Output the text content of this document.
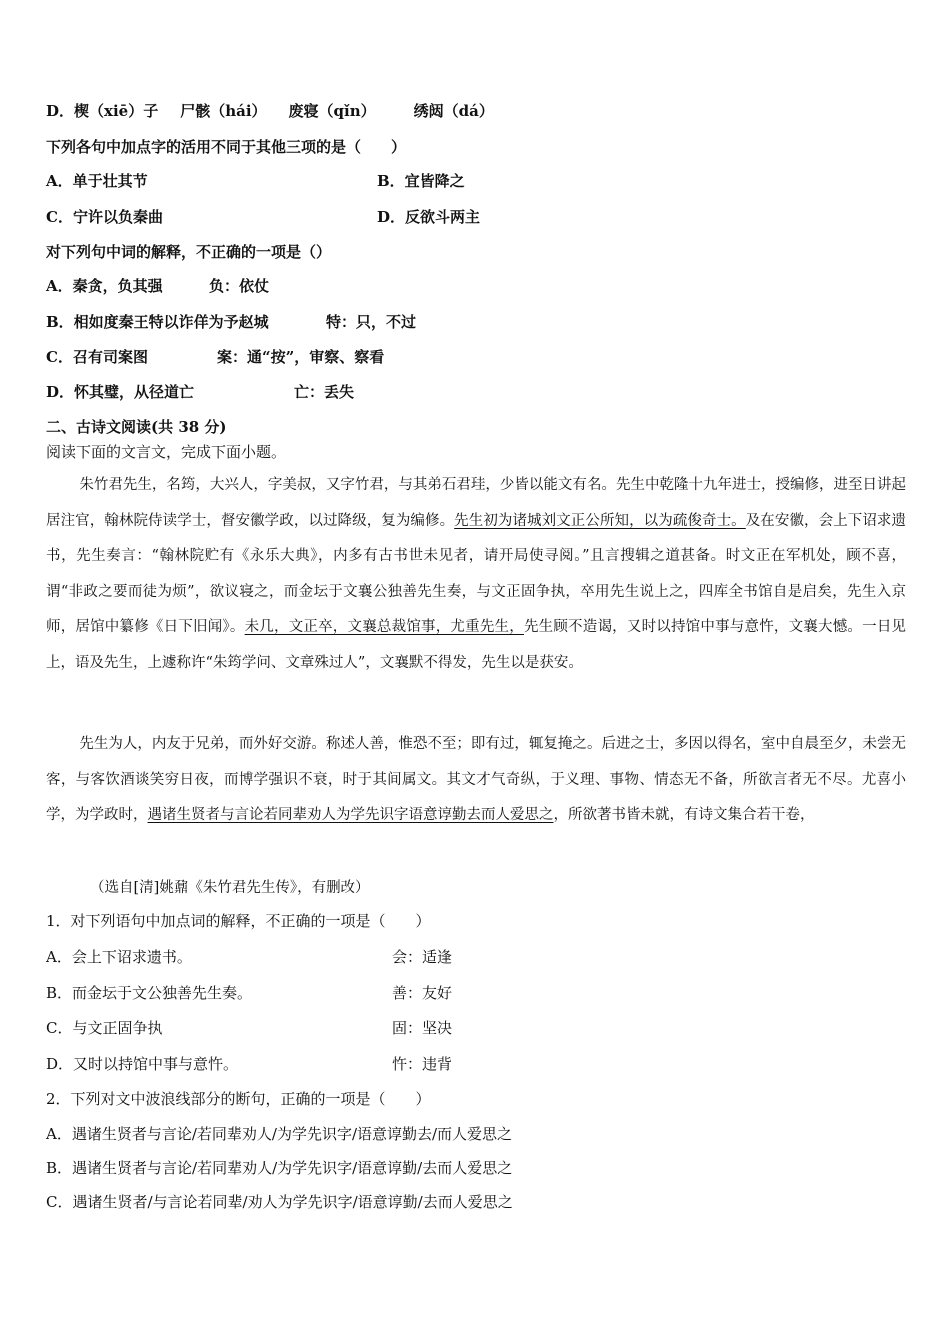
D．楔（xiē）子 尸骸（hái） 废寝（qǐn）	绣闼（dá）
下列各句中加点字的活用不同于其他三项的是（　　）
A．单于壮其节	B．宜皆降之
C．宁许以负秦曲	D．反欲斗两主
对下列句中词的解释，不正确的一项是（）
A．秦贪，负其强	负：依仗
B．相如度秦王特以诈佯为予赵城	特：只，不过
C．召有司案图	案：通“按”，审察、察看
D．怀其璧，从径道亡	亡：丢失
二、古诗文阅读(共 38 分)
阅读下面的文言文，完成下面小题。
朱竹君先生，名筠，大兴人，字美叔，又字竹君，与其弟石君珪，少皆以能文有名。先生中乾隆十九年进士，授编修，进至日讲起居注官，翰林院侍读学士，督安徽学政，以过降级，复为编修。先生初为诸城刘文正公所知，以为疏俊奇士。及在安徽，会上下诏求遗书，先生奏言：“翰林院贮有《永乐大典》，内多有古书世未见者，请开局使寻阅。”且言搜辑之道甚备。时文正在军机处，顾不喜，谓“非政之要而徒为烦”，欲议寝之，而金坛于文襄公独善先生奏，与文正固争执，卒用先生说上之，四库全书馆自是启矣，先生入京师，居馆中纂修《日下旧闻》。未几，文正卒，文襄总裁馆事，尤重先生，先生顾不造谒，又时以持馆中事与意忤，文襄大憾。一日见上，语及先生，上遽称许“朱筠学问、文章殊过人”，文襄默不得发，先生以是获安。
先生为人，内友于兄弟，而外好交游。称述人善，惟恐不至；即有过，辄复掩之。后进之士，多因以得名，室中自晨至夕，未尝无客，与客饮酒谈笑穷日夜，而博学强识不衰，时于其间属文。其文才气奇纵，于义理、事物、情态无不备，所欲言者无不尽。尤喜小学，为学政时，遇诸生贤者与言论若同辈劝人为学先识字语意谆勤去而人爱思之，所欲著书皆未就，有诗文集合若干卷，
（选自[清]姚鼐《朱竹君先生传》，有删改）
1．对下列语句中加点词的解释，不正确的一项是（　　）
A．会上下诏求遗书。	会：适逢
B．而金坛于文公独善先生奏。	善：友好
C．与文正固争执	固：坚决
D．又时以持馆中事与意忤。	忤：违背
2．下列对文中波浪线部分的断句，正确的一项是（　　）
A．遇诸生贤者与言论/若同辈劝人/为学先识字/语意谆勤去/而人爱思之
B．遇诸生贤者与言论/若同辈劝人/为学先识字/语意谆勤/去而人爱思之
C．遇诸生贤者/与言论若同辈/劝人为学先识字/语意谆勤/去而人爱思之
